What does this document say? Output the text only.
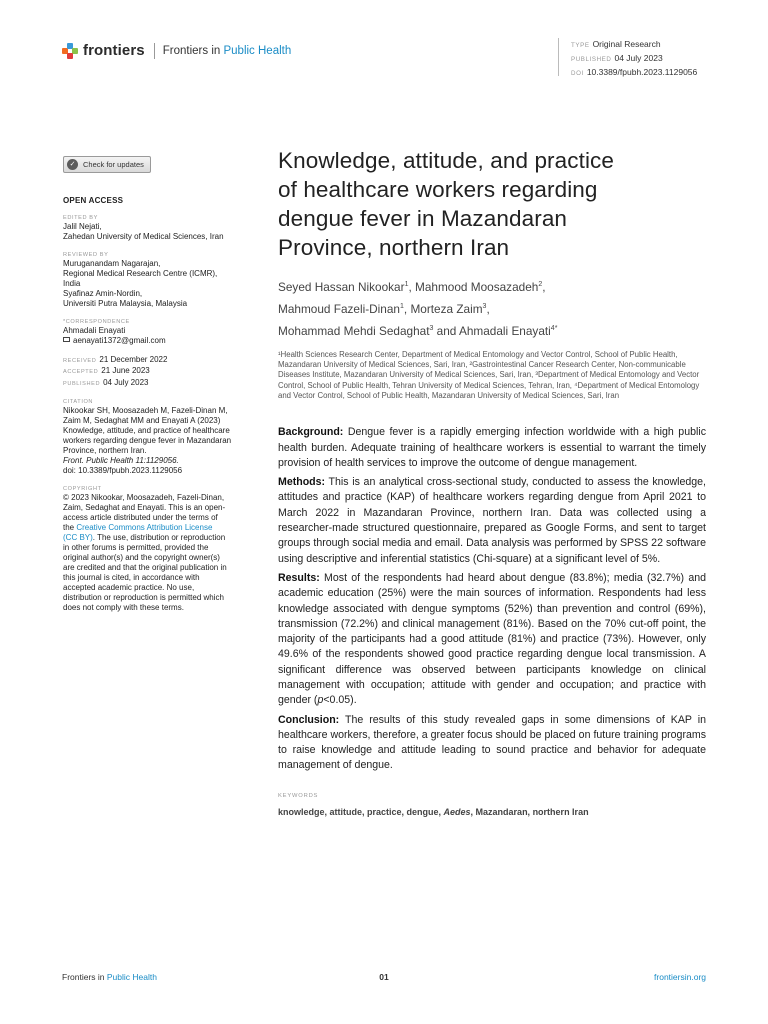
frontiers Frontiers in Public Health	TYPE Original Research
PUBLISHED 04 July 2023
DOI 10.3389/fpubh.2023.1129056
✓	Check for updates
OPEN ACCESS
EDITED BY
Jalil Nejati,
Zahedan University of Medical Sciences, Iran
REVIEWED BY
Muruganandam Nagarajan,
Regional Medical Research Centre (ICMR),
India
Syafinaz Amin-Nordin,
Universiti Putra Malaysia, Malaysia
*CORRESPONDENCE
Ahmadali Enayati
aenayati1372@gmail.com
RECEIVED 21 December 2022
ACCEPTED 21 June 2023
PUBLISHED 04 July 2023
CITATION
Nikookar SH, Moosazadeh M, Fazeli-Dinan M,
Zaim M, Sedaghat MM and Enayati A (2023)
Knowledge, attitude, and practice of healthcare
workers regarding dengue fever in Mazandaran
Province, northern Iran.
Front. Public Health 11:1129056.
doi: 10.3389/fpubh.2023.1129056
COPYRIGHT
© 2023 Nikookar, Moosazadeh, Fazeli-Dinan,
Zaim, Sedaghat and Enayati. This is an open-
access article distributed under the terms of
the Creative Commons Attribution License
(CC BY). The use, distribution or reproduction
in other forums is permitted, provided the
original author(s) and the copyright owner(s)
are credited and that the original publication in
this journal is cited, in accordance with
accepted academic practice. No use,
distribution or reproduction is permitted which
does not comply with these terms.
Knowledge, attitude, and practice
of healthcare workers regarding
dengue fever in Mazandaran
Province, northern Iran
Seyed Hassan Nikookar$^1$, Mahmood Moosazadeh$^2$,
Mahmoud Fazeli-Dinan$^1$, Morteza Zaim$^3$,
Mohammad Mehdi Sedaghat$^3$ and Ahmadali Enayati$^{4*}$
¹Health Sciences Research Center, Department of Medical Entomology and Vector Control, School of Public Health, Mazandaran University of Medical Sciences, Sari, Iran, ²Gastrointestinal Cancer Research Center, Non-communicable Diseases Institute, Mazandaran University of Medical Sciences, Sari, Iran, ³Department of Medical Entomology and Vector Control, School of Public Health, Tehran University of Medical Sciences, Tehran, Iran, ⁴Department of Medical Entomology and Vector Control, School of Public Health, Mazandaran University of Medical Sciences, Sari, Iran

Background: Dengue fever is a rapidly emerging infection worldwide with a high public health burden. Adequate training of healthcare workers is essential to warrant the timely provision of health services to improve the outcome of dengue management.

Methods: This is an analytical cross-sectional study, conducted to assess the knowledge, attitudes and practice (KAP) of healthcare workers regarding dengue from April 2021 to March 2022 in Mazandaran Province, northern Iran. Data was collected using a researcher-made structured questionnaire, prepared as Google Forms, and sent to target groups through social media and email. Data analysis was performed by SPSS 22 software using descriptive and inferential statistics (Chi-square) at a significant level of 5%.

Results: Most of the respondents had heard about dengue (83.8%); media (32.7%) and academic education (25%) were the main sources of information. Respondents had less knowledge associated with dengue symptoms (52%) than prevention and control (69%), transmission (72.2%) and clinical management (81%). Based on the 70% cut-off point, the majority of the participants had a good attitude (81%) and practice (73%). However, only 49.6% of the respondents showed good practice regarding dengue local transmission. A significant difference was observed between participants knowledge on clinical management with occupation; attitude with gender and occupation; and practice with gender (p<0.05).

Conclusion: The results of this study revealed gaps in some dimensions of KAP in healthcare workers, therefore, a greater focus should be placed on future training programs to raise knowledge and attitude leading to sound practice and behavior for adequate management of dengue.

KEYWORDS
knowledge, attitude, practice, dengue, Aedes, Mazandaran, northern Iran
Frontiers in Public Health	01	frontiersin.org
